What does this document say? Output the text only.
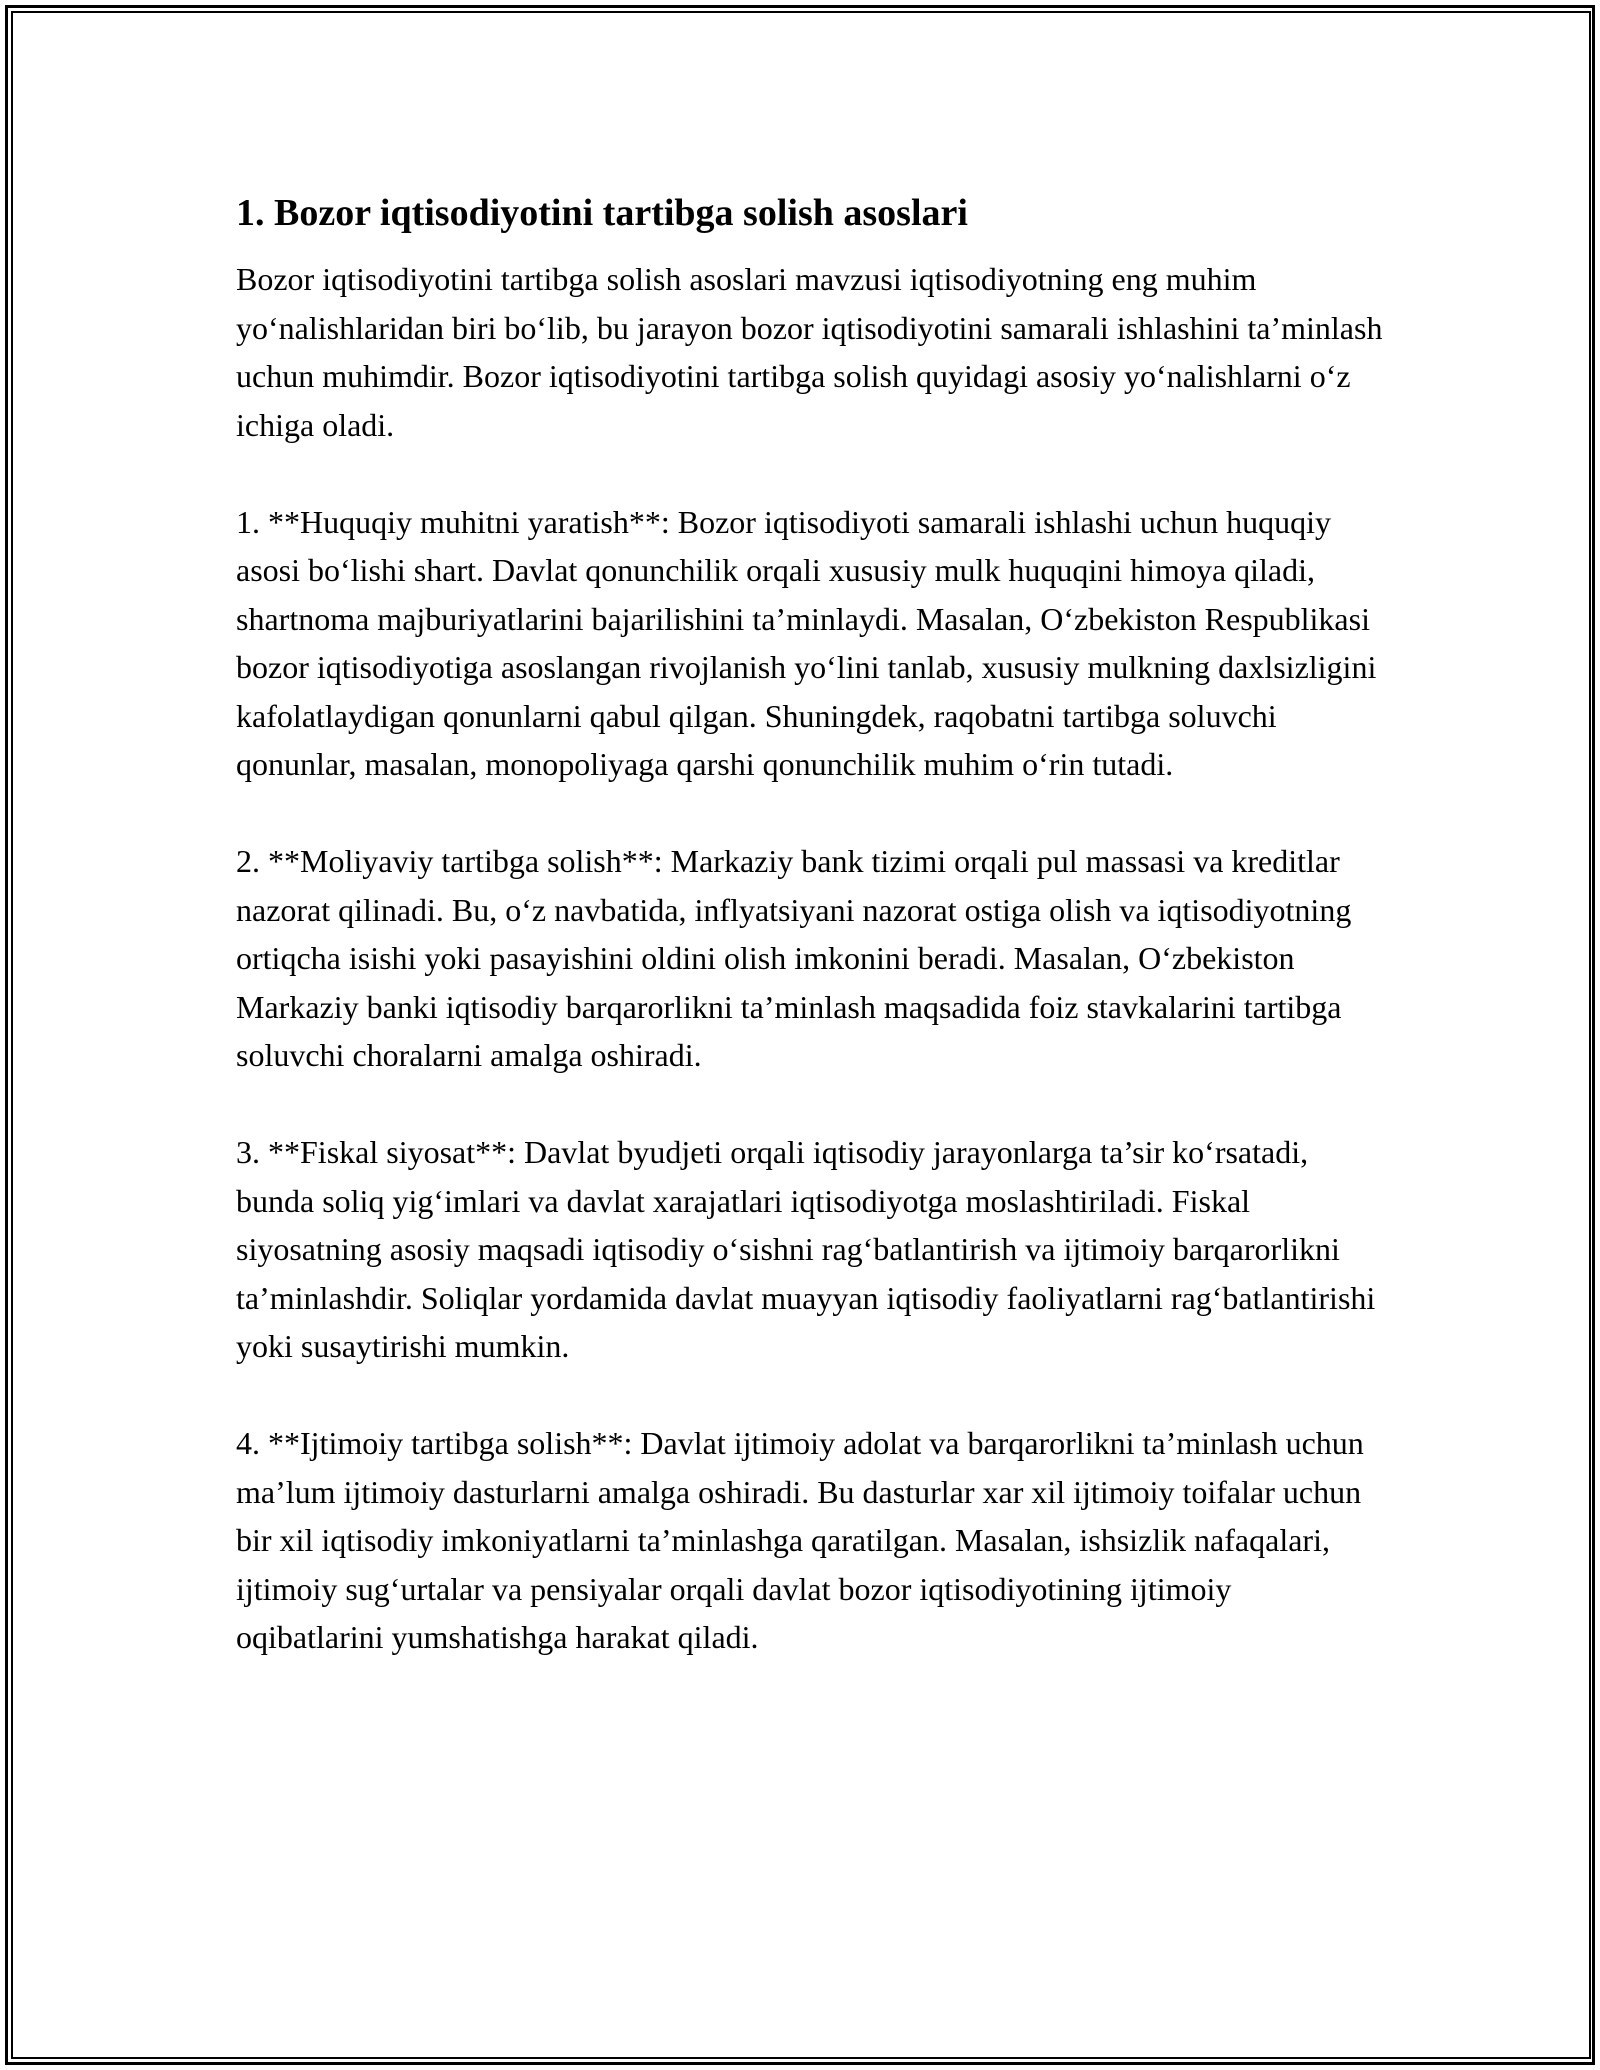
1. Bozor iqtisodiyotini tartibga solish asoslari

Bozor iqtisodiyotini tartibga solish asoslari mavzusi iqtisodiyotning eng muhim yo‘nalishlaridan biri bo‘lib, bu jarayon bozor iqtisodiyotini samarali ishlashini ta’minlash uchun muhimdir. Bozor iqtisodiyotini tartibga solish quyidagi asosiy yo‘nalishlarni o‘z ichiga oladi.

1. **Huquqiy muhitni yaratish**: Bozor iqtisodiyoti samarali ishlashi uchun huquqiy asosi bo‘lishi shart. Davlat qonunchilik orqali xususiy mulk huquqini himoya qiladi, shartnoma majburiyatlarini bajarilishini ta’minlaydi. Masalan, O‘zbekiston Respublikasi bozor iqtisodiyotiga asoslangan rivojlanish yo‘lini tanlab, xususiy mulkning daxlsizligini kafolatlaydigan qonunlarni qabul qilgan. Shuningdek, raqobatni tartibga soluvchi qonunlar, masalan, monopoliyaga qarshi qonunchilik muhim o‘rin tutadi.

2. **Moliyaviy tartibga solish**: Markaziy bank tizimi orqali pul massasi va kreditlar nazorat qilinadi. Bu, o‘z navbatida, inflyatsiyani nazorat ostiga olish va iqtisodiyotning ortiqcha isishi yoki pasayishini oldini olish imkonini beradi. Masalan, O‘zbekiston Markaziy banki iqtisodiy barqarorlikni ta’minlash maqsadida foiz stavkalarini tartibga soluvchi choralarni amalga oshiradi.

3. **Fiskal siyosat**: Davlat byudjeti orqali iqtisodiy jarayonlarga ta’sir ko‘rsatadi, bunda soliq yig‘imlari va davlat xarajatlari iqtisodiyotga moslashtiriladi. Fiskal siyosatning asosiy maqsadi iqtisodiy o‘sishni rag‘batlantirish va ijtimoiy barqarorlikni ta’minlashdir. Soliqlar yordamida davlat muayyan iqtisodiy faoliyatlarni rag‘batlantirishi yoki susaytirishi mumkin.

4. **Ijtimoiy tartibga solish**: Davlat ijtimoiy adolat va barqarorlikni ta’minlash uchun ma’lum ijtimoiy dasturlarni amalga oshiradi. Bu dasturlar xar xil ijtimoiy toifalar uchun bir xil iqtisodiy imkoniyatlarni ta’minlashga qaratilgan. Masalan, ishsizlik nafaqalari, ijtimoiy sug‘urtalar va pensiyalar orqali davlat bozor iqtisodiyotining ijtimoiy oqibatlarini yumshatishga harakat qiladi.
